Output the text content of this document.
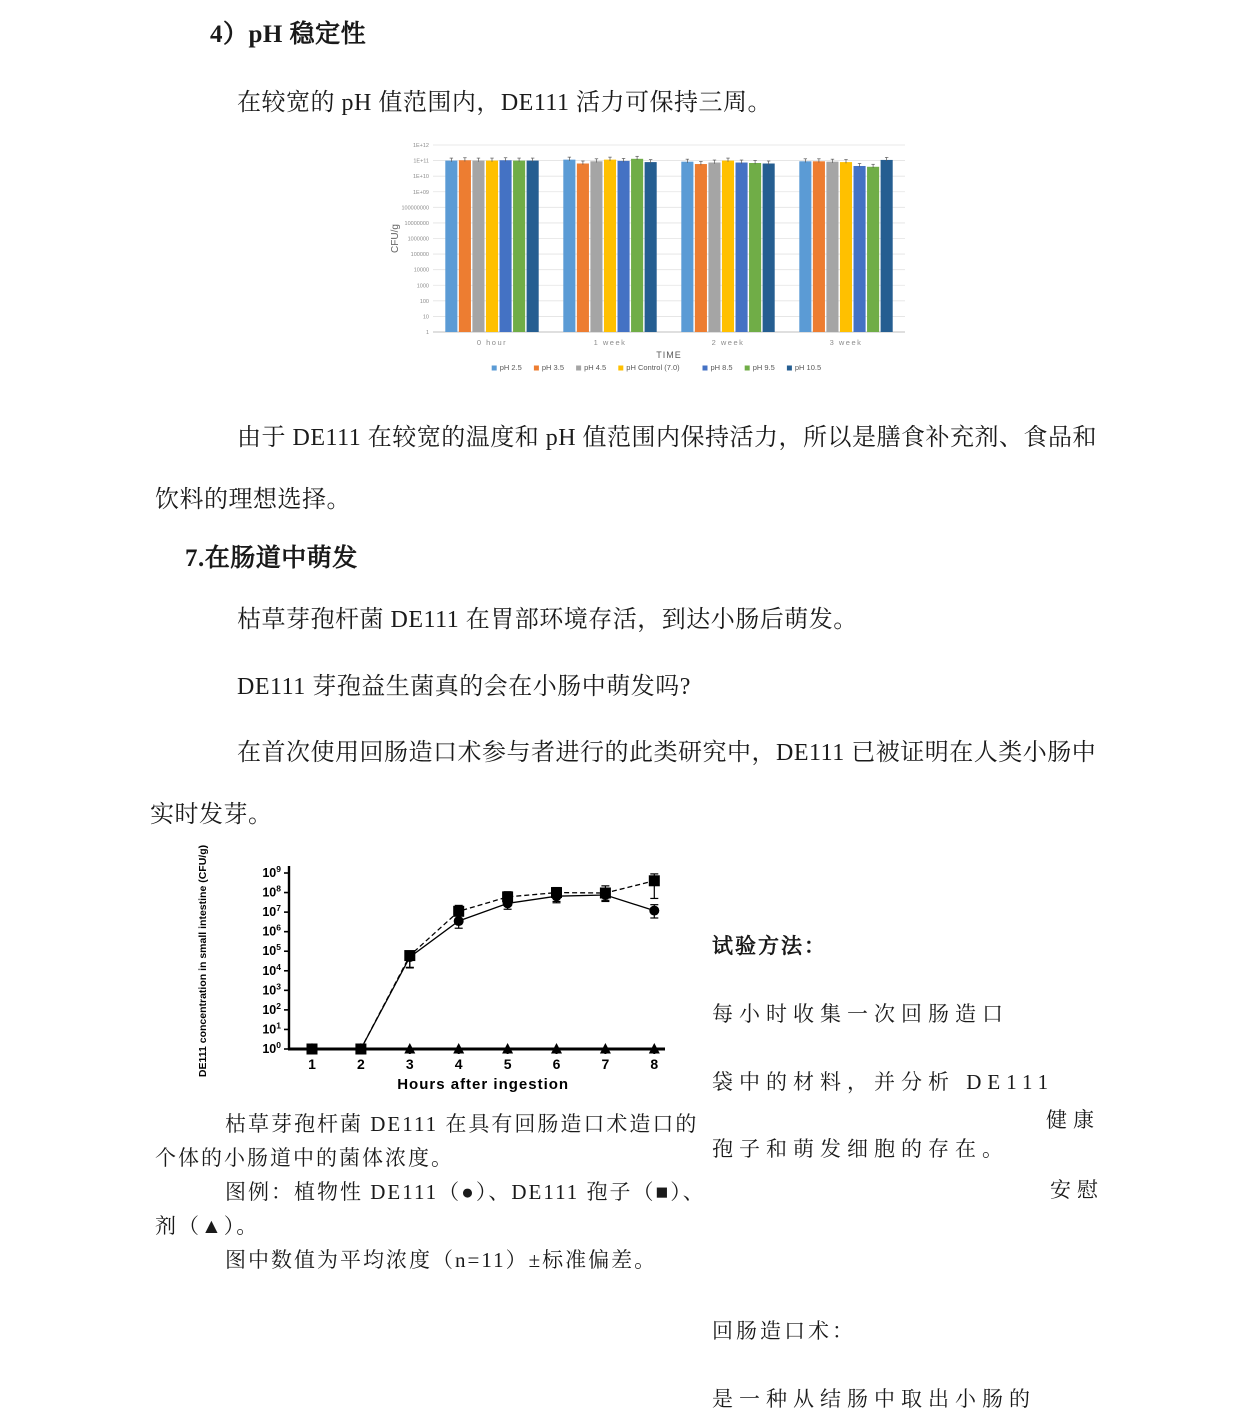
4）pH 稳定性
在较宽的 pH 值范围内，DE111 活力可保持三周。
1
10
100
1000
10000
100000
1000000
10000000
100000000
1E+09
1E+10
1E+11
1E+12
CFU/g
0 hour	1 week	2 week	3 week
TIME
pH 2.5	pH 3.5	pH 4.5	pH Control (7.0)	pH 8.5	pH 9.5	pH 10.5
由于 DE111 在较宽的温度和 pH 值范围内保持活力，所以是膳食补充剂、食品和
饮料的理想选择。
7.在肠道中萌发
枯草芽孢杆菌 DE111 在胃部环境存活，到达小肠后萌发。
DE111 芽孢益生菌真的会在小肠中萌发吗?
在首次使用回肠造口术参与者进行的此类研究中，DE111 已被证明在人类小肠中
实时发芽。
$10^0$
$10^1$
$10^2$
$10^3$
$10^4$
$10^5$
$10^6$
$10^7$
$10^8$
$10^9$
1	2	3	4	5	6	7	8
Hours after ingestion
DE111 concentration in small intestine (CFU/g)
枯草芽孢杆菌 DE111 在具有回肠造口术造口的
个体的小肠道中的菌体浓度。
图例：植物性 DE111（●）、DE111 孢子（■）、
剂（▲）。
图中数值为平均浓度（n=11）±标准偏差。
试验方法：
每小时收集一次回肠造口
袋中的材料，并分析 DE111
孢子和萌发细胞的存在。
健康
安慰
回肠造口术：
是一种从结肠中取出小肠的
